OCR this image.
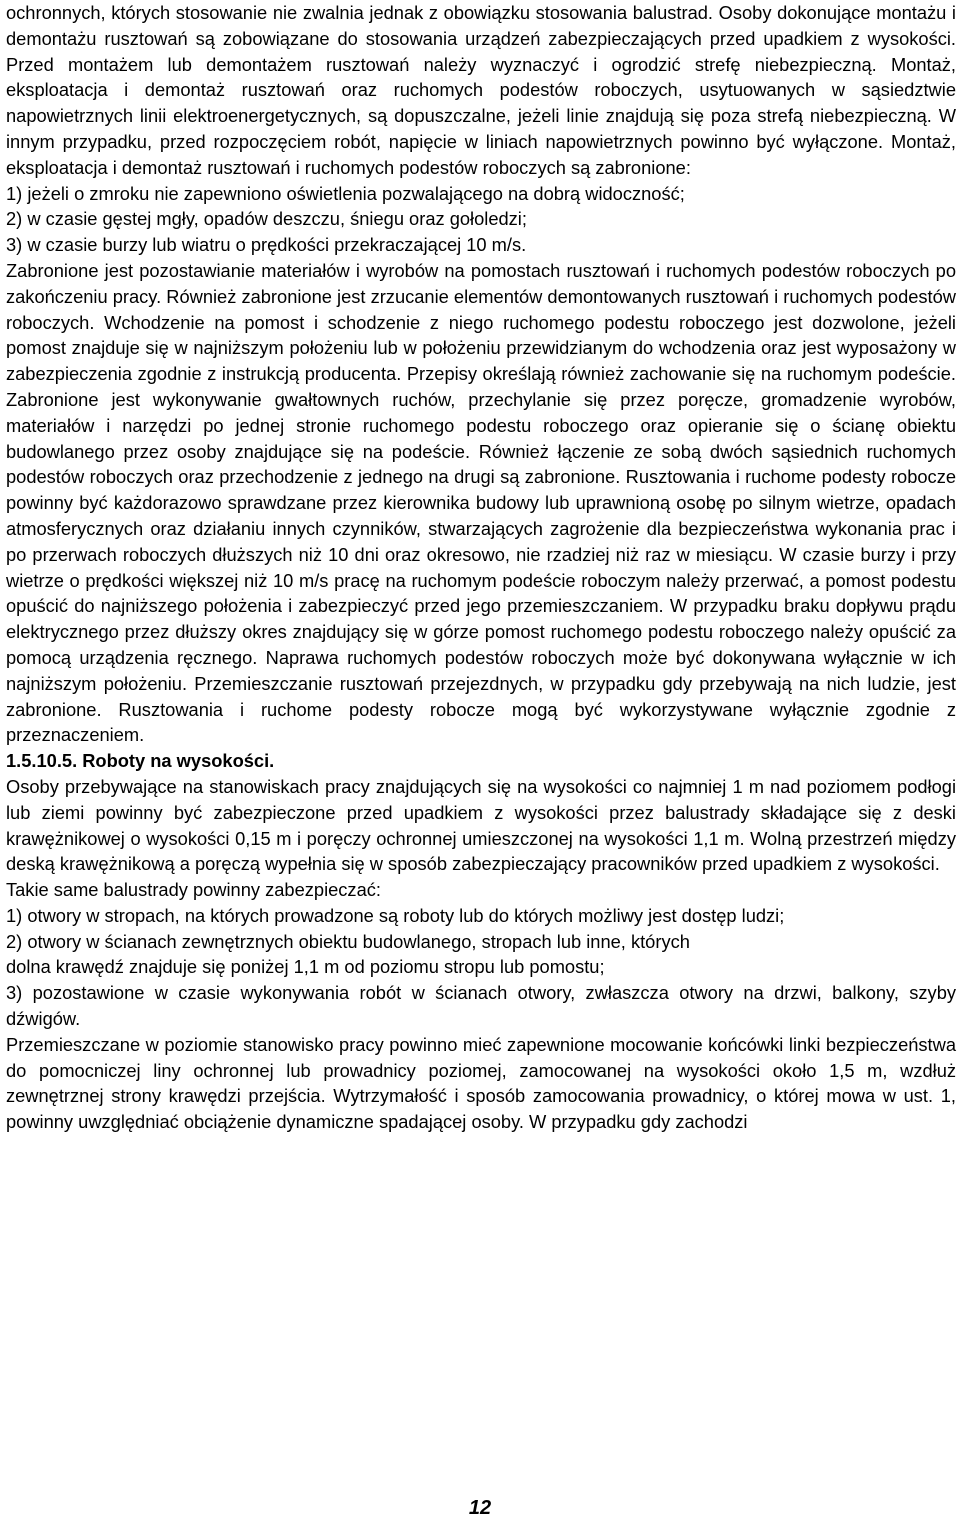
ochronnych, których stosowanie nie zwalnia jednak z obowiązku stosowania balustrad. Osoby dokonujące montażu i demontażu rusztowań są zobowiązane do stosowania urządzeń zabezpieczających przed upadkiem z wysokości. Przed montażem lub demontażem rusztowań należy wyznaczyć i ogrodzić strefę niebezpieczną. Montaż, eksploatacja i demontaż rusztowań oraz ruchomych podestów roboczych, usytuowanych w sąsiedztwie napowietrznych linii elektroenergetycznych, są dopuszczalne, jeżeli linie znajdują się poza strefą niebezpieczną. W innym przypadku, przed rozpoczęciem robót, napięcie w liniach napowietrznych powinno być wyłączone. Montaż, eksploatacja i demontaż rusztowań i ruchomych podestów roboczych są zabronione:

1) jeżeli o zmroku nie zapewniono oświetlenia pozwalającego na dobrą widoczność;

2) w czasie gęstej mgły, opadów deszczu, śniegu oraz gołoledzi;

3) w czasie burzy lub wiatru o prędkości przekraczającej 10 m/s.

Zabronione jest pozostawianie materiałów i wyrobów na pomostach rusztowań i ruchomych podestów roboczych po zakończeniu pracy. Również zabronione jest zrzucanie elementów demontowanych rusztowań i ruchomych podestów roboczych. Wchodzenie na pomost i schodzenie z niego ruchomego podestu roboczego jest dozwolone, jeżeli pomost znajduje się w najniższym położeniu lub w położeniu przewidzianym do wchodzenia oraz jest wyposażony w zabezpieczenia zgodnie z instrukcją producenta. Przepisy określają również zachowanie się na ruchomym podeście. Zabronione jest wykonywanie gwałtownych ruchów, przechylanie się przez poręcze, gromadzenie wyrobów, materiałów i narzędzi po jednej stronie ruchomego podestu roboczego oraz opieranie się o ścianę obiektu budowlanego przez osoby znajdujące się na podeście. Również łączenie ze sobą dwóch sąsiednich ruchomych podestów roboczych oraz przechodzenie z jednego na drugi są zabronione. Rusztowania i ruchome podesty robocze powinny być każdorazowo sprawdzane przez kierownika budowy lub uprawnioną osobę po silnym wietrze, opadach atmosferycznych oraz działaniu innych czynników, stwarzających zagrożenie dla bezpieczeństwa wykonania prac i po przerwach roboczych dłuższych niż 10 dni oraz okresowo, nie rzadziej niż raz w miesiącu. W czasie burzy i przy wietrze o prędkości większej niż 10 m/s pracę na ruchomym podeście roboczym należy przerwać, a pomost podestu opuścić do najniższego położenia i zabezpieczyć przed jego przemieszczaniem. W przypadku braku dopływu prądu elektrycznego przez dłuższy okres znajdujący się w górze pomost ruchomego podestu roboczego należy opuścić za pomocą urządzenia ręcznego. Naprawa ruchomych podestów roboczych może być dokonywana wyłącznie w ich najniższym położeniu. Przemieszczanie rusztowań przejezdnych, w przypadku gdy przebywają na nich ludzie, jest zabronione. Rusztowania i ruchome podesty robocze mogą być wykorzystywane wyłącznie zgodnie z przeznaczeniem.

1.5.10.5. Roboty na wysokości.

Osoby przebywające na stanowiskach pracy znajdujących się na wysokości co najmniej 1 m nad poziomem podłogi lub ziemi powinny być zabezpieczone przed upadkiem z wysokości przez balustrady składające się z deski krawężnikowej o wysokości 0,15 m i poręczy ochronnej umieszczonej na wysokości 1,1 m. Wolną przestrzeń między deską krawężnikową a poręczą wypełnia się w sposób zabezpieczający pracowników przed upadkiem z wysokości.

Takie same balustrady powinny zabezpieczać:

1) otwory w stropach, na których prowadzone są roboty lub do których możliwy jest dostęp ludzi;

2) otwory w ścianach zewnętrznych obiektu budowlanego, stropach lub inne, których

dolna krawędź znajduje się poniżej 1,1 m od poziomu stropu lub pomostu;

3) pozostawione w czasie wykonywania robót w ścianach otwory, zwłaszcza otwory na drzwi, balkony, szyby dźwigów.

Przemieszczane w poziomie stanowisko pracy powinno mieć zapewnione mocowanie końcówki linki bezpieczeństwa do pomocniczej liny ochronnej lub prowadnicy poziomej, zamocowanej na wysokości około 1,5 m, wzdłuż zewnętrznej strony krawędzi przejścia. Wytrzymałość i sposób zamocowania prowadnicy, o której mowa w ust. 1, powinny uwzględniać obciążenie dynamiczne spadającej osoby. W przypadku gdy zachodzi

12
